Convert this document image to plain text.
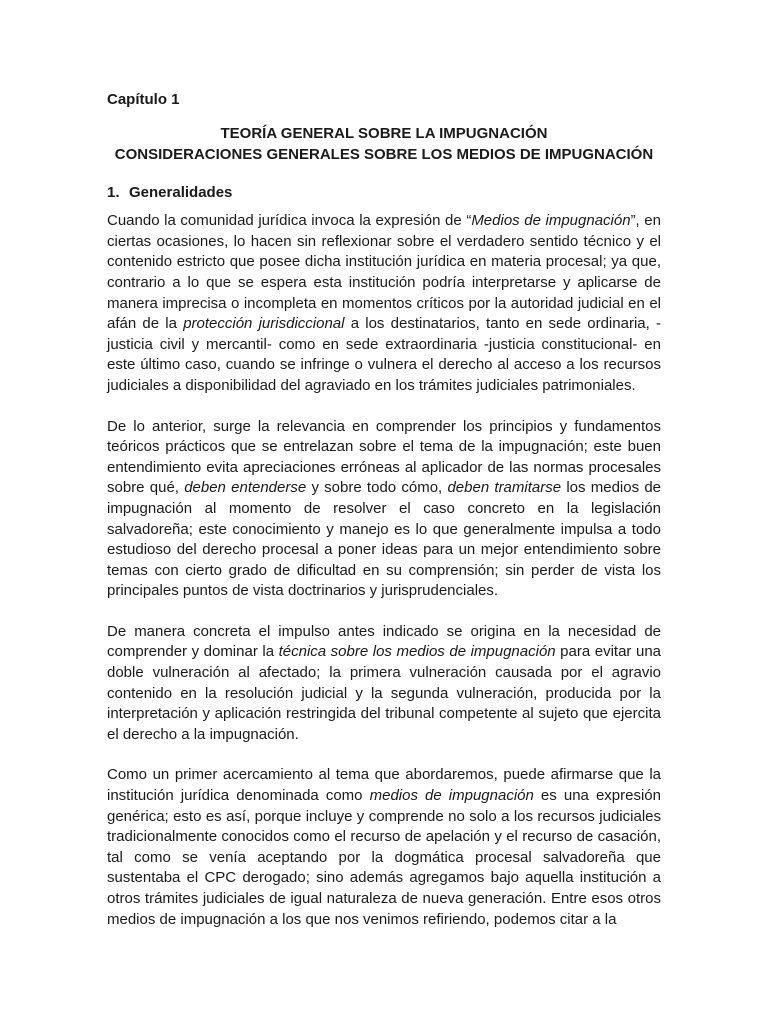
Capítulo 1
TEORÍA GENERAL SOBRE LA IMPUGNACIÓN
CONSIDERACIONES GENERALES SOBRE LOS MEDIOS DE IMPUGNACIÓN
1. Generalidades

Cuando la comunidad jurídica invoca la expresión de “Medios de impugnación”, en ciertas ocasiones, lo hacen sin reflexionar sobre el verdadero sentido técnico y el contenido estricto que posee dicha institución jurídica en materia procesal; ya que, contrario a lo que se espera esta institución podría interpretarse y aplicarse de manera imprecisa o incompleta en momentos críticos por la autoridad judicial en el afán de la protección jurisdiccional a los destinatarios, tanto en sede ordinaria, -justicia civil y mercantil- como en sede extraordinaria -justicia constitucional- en este último caso, cuando se infringe o vulnera el derecho al acceso a los recursos judiciales a disponibilidad del agraviado en los trámites judiciales patrimoniales.

De lo anterior, surge la relevancia en comprender los principios y fundamentos teóricos prácticos que se entrelazan sobre el tema de la impugnación; este buen entendimiento evita apreciaciones erróneas al aplicador de las normas procesales sobre qué, deben entenderse y sobre todo cómo, deben tramitarse los medios de impugnación al momento de resolver el caso concreto en la legislación salvadoreña; este conocimiento y manejo es lo que generalmente impulsa a todo estudioso del derecho procesal a poner ideas para un mejor entendimiento sobre temas con cierto grado de dificultad en su comprensión; sin perder de vista los principales puntos de vista doctrinarios y jurisprudenciales.

De manera concreta el impulso antes indicado se origina en la necesidad de comprender y dominar la técnica sobre los medios de impugnación para evitar una doble vulneración al afectado; la primera vulneración causada por el agravio contenido en la resolución judicial y la segunda vulneración, producida por la interpretación y aplicación restringida del tribunal competente al sujeto que ejercita el derecho a la impugnación.

Como un primer acercamiento al tema que abordaremos, puede afirmarse que la institución jurídica denominada como medios de impugnación es una expresión genérica; esto es así, porque incluye y comprende no solo a los recursos judiciales tradicionalmente conocidos como el recurso de apelación y el recurso de casación, tal como se venía aceptando por la dogmática procesal salvadoreña que sustentaba el CPC derogado; sino además agregamos bajo aquella institución a otros trámites judiciales de igual naturaleza de nueva generación. Entre esos otros medios de impugnación a los que nos venimos refiriendo, podemos citar a la
